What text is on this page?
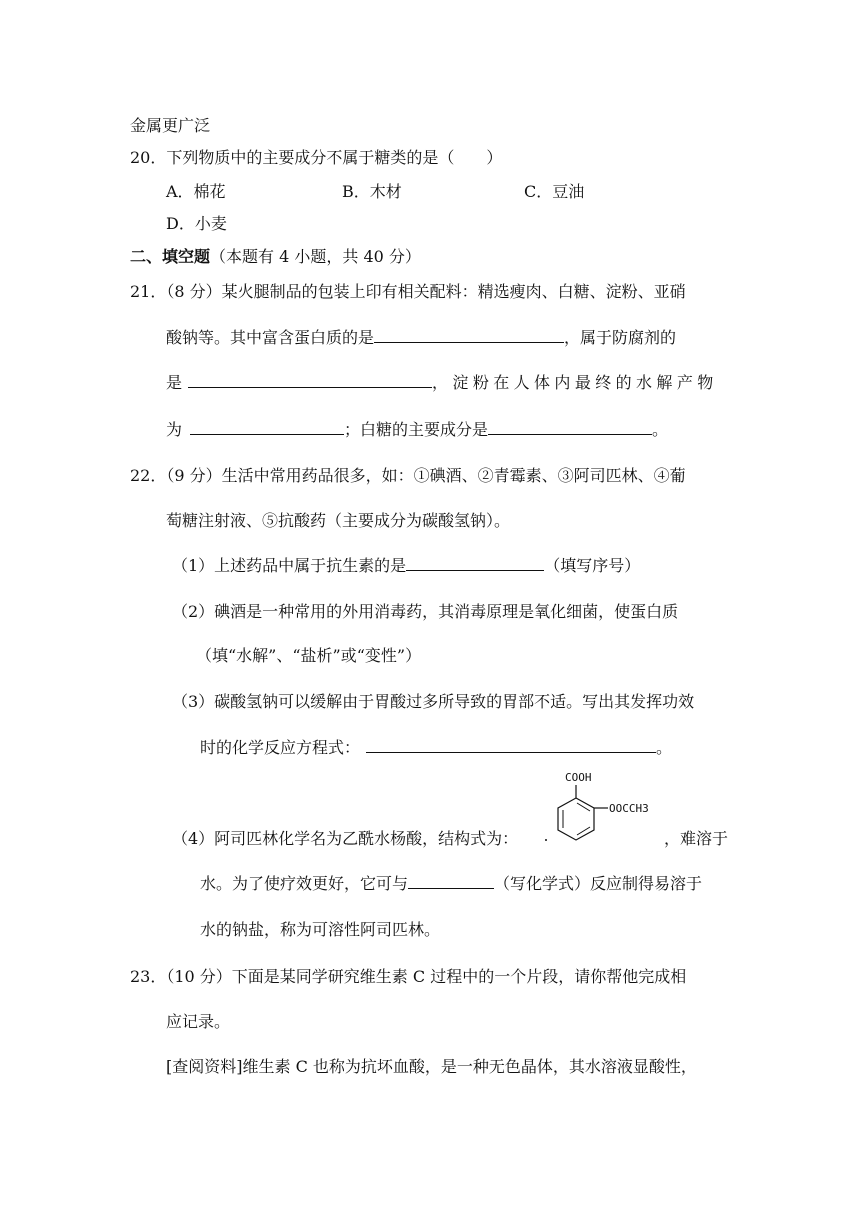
金属更广泛
20．下列物质中的主要成分不属于糖类的是（　　）
A．棉花	B．木材	C．豆油
D．小麦
二、填空题（本题有 4 小题，共 40 分）
21．（8 分）某火腿制品的包装上印有相关配料：精选瘦肉、白糖、淀粉、亚硝
酸钠等。其中富含蛋白质的是	，属于防腐剂的
是	，淀粉在人体内最终的水解产物
为	；白糖的主要成分是	。
22．（9 分）生活中常用药品很多，如：①碘酒、②青霉素、③阿司匹林、④葡
萄糖注射液、⑤抗酸药（主要成分为碳酸氢钠）。
（1）上述药品中属于抗生素的是	（填写序号）
（2）碘酒是一种常用的外用消毒药，其消毒原理是氧化细菌，使蛋白质
（填“水解”、“盐析”或“变性”）
（3）碳酸氢钠可以缓解由于胃酸过多所导致的胃部不适。写出其发挥功效
时的化学反应方程式：	。
COOH
OOCCH3
（4）阿司匹林化学名为乙酰水杨酸，结构式为：	，难溶于
水。为了使疗效更好，它可与	（写化学式）反应制得易溶于
水的钠盐，称为可溶性阿司匹林。
23．（10 分）下面是某同学研究维生素 C 过程中的一个片段，请你帮他完成相
应记录。
[查阅资料]维生素 C 也称为抗坏血酸，是一种无色晶体，其水溶液显酸性，
